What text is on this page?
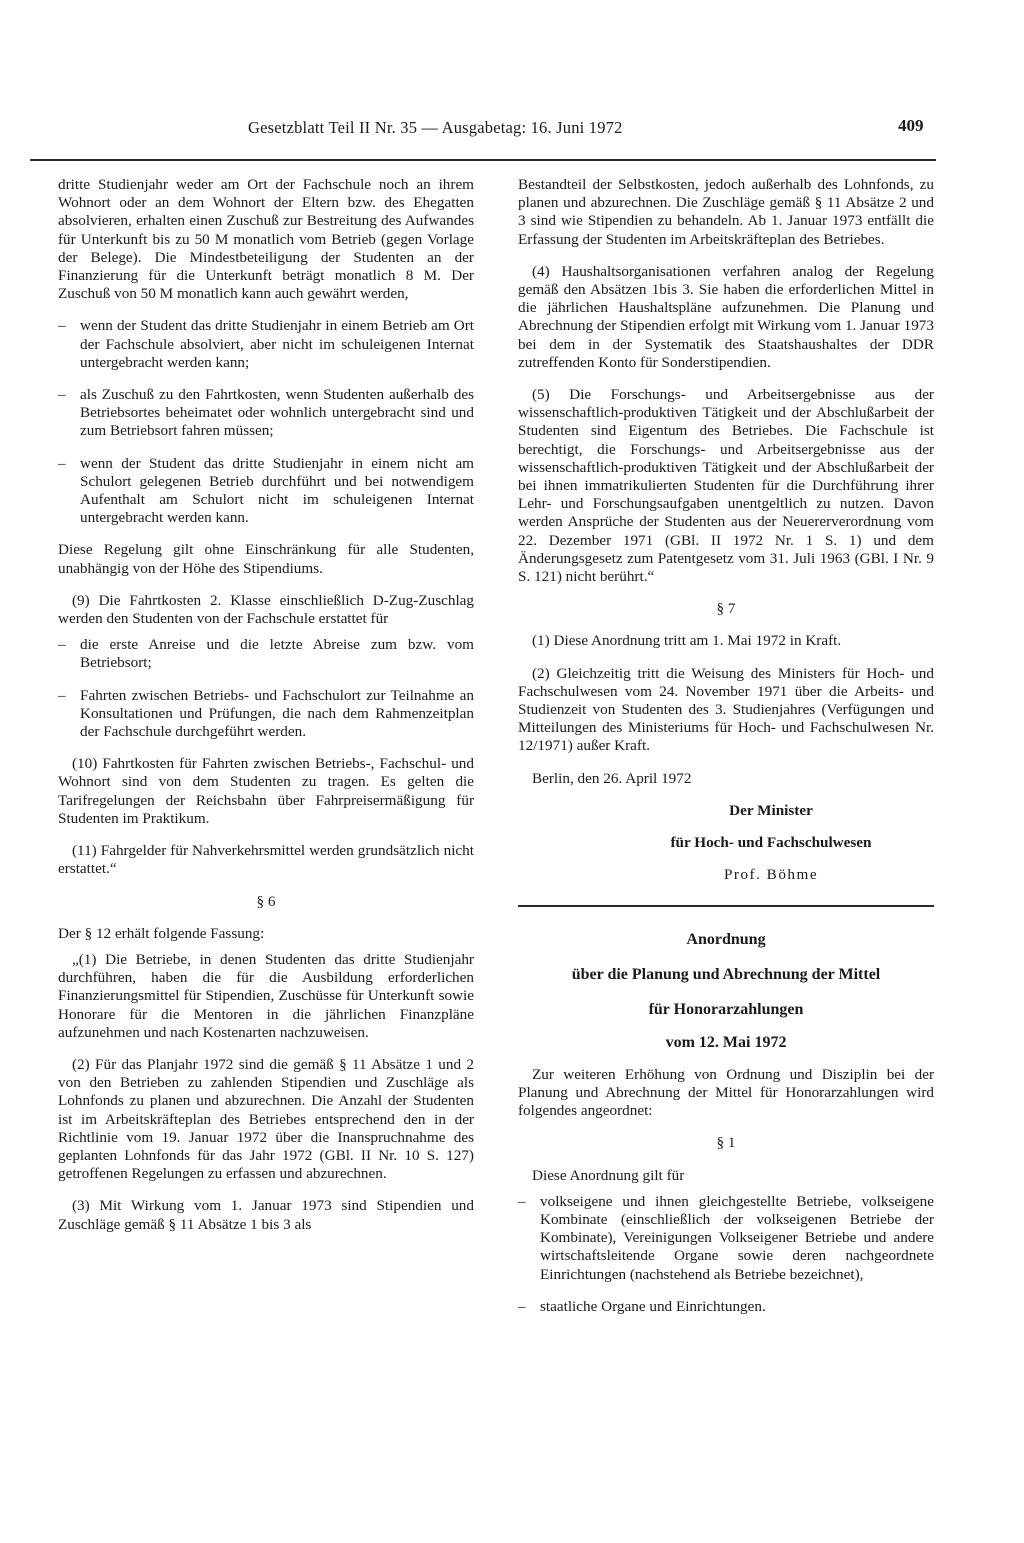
Gesetzblatt Teil II Nr. 35 — Ausgabetag: 16. Juni 1972	409

dritte Studienjahr weder am Ort der Fachschule noch an ihrem Wohnort oder an dem Wohnort der Eltern bzw. des Ehegatten absolvieren, erhalten einen Zuschuß zur Bestreitung des Aufwandes für Unterkunft bis zu 50 M monatlich vom Betrieb (gegen Vorlage der Belege). Die Mindestbeteiligung der Studenten an der Finanzierung für die Unterkunft beträgt monatlich 8 M. Der Zuschuß von 50 M monatlich kann auch gewährt werden,

– wenn der Student das dritte Studienjahr in einem Betrieb am Ort der Fachschule absolviert, aber nicht im schuleigenen Internat untergebracht werden kann;

– als Zuschuß zu den Fahrtkosten, wenn Studenten außerhalb des Betriebsortes beheimatet oder wohnlich untergebracht sind und zum Betriebsort fahren müssen;

– wenn der Student das dritte Studienjahr in einem nicht am Schulort gelegenen Betrieb durchführt und bei notwendigem Aufenthalt am Schulort nicht im schuleigenen Internat untergebracht werden kann.

Diese Regelung gilt ohne Einschränkung für alle Studenten, unabhängig von der Höhe des Stipendiums.

(9) Die Fahrtkosten 2. Klasse einschließlich D-Zug-Zuschlag werden den Studenten von der Fachschule erstattet für

– die erste Anreise und die letzte Abreise zum bzw. vom Betriebsort;

– Fahrten zwischen Betriebs- und Fachschulort zur Teilnahme an Konsultationen und Prüfungen, die nach dem Rahmenzeitplan der Fachschule durchgeführt werden.

(10) Fahrtkosten für Fahrten zwischen Betriebs-, Fachschul- und Wohnort sind von dem Studenten zu tragen. Es gelten die Tarifregelungen der Reichsbahn über Fahrpreisermäßigung für Studenten im Praktikum.

(11) Fahrgelder für Nahverkehrsmittel werden grundsätzlich nicht erstattet.“

§ 6

Der § 12 erhält folgende Fassung:

„(1) Die Betriebe, in denen Studenten das dritte Studienjahr durchführen, haben die für die Ausbildung erforderlichen Finanzierungsmittel für Stipendien, Zuschüsse für Unterkunft sowie Honorare für die Mentoren in die jährlichen Finanzpläne aufzunehmen und nach Kostenarten nachzuweisen.

(2) Für das Planjahr 1972 sind die gemäß § 11 Absätze 1 und 2 von den Betrieben zu zahlenden Stipendien und Zuschläge als Lohnfonds zu planen und abzurechnen. Die Anzahl der Studenten ist im Arbeitskräfteplan des Betriebes entsprechend den in der Richtlinie vom 19. Januar 1972 über die Inanspruchnahme des geplanten Lohnfonds für das Jahr 1972 (GBl. II Nr. 10 S. 127) getroffenen Regelungen zu erfassen und abzurechnen.

(3) Mit Wirkung vom 1. Januar 1973 sind Stipendien und Zuschläge gemäß § 11 Absätze 1 bis 3 als

Bestandteil der Selbstkosten, jedoch außerhalb des Lohnfonds, zu planen und abzurechnen. Die Zuschläge gemäß § 11 Absätze 2 und 3 sind wie Stipendien zu behandeln. Ab 1. Januar 1973 entfällt die Erfassung der Studenten im Arbeitskräfteplan des Betriebes.

(4) Haushaltsorganisationen verfahren analog der Regelung gemäß den Absätzen 1bis 3. Sie haben die erforderlichen Mittel in die jährlichen Haushaltspläne aufzunehmen. Die Planung und Abrechnung der Stipendien erfolgt mit Wirkung vom 1. Januar 1973 bei dem in der Systematik des Staatshaushaltes der DDR zutreffenden Konto für Sonderstipendien.

(5) Die Forschungs- und Arbeitsergebnisse aus der wissenschaftlich-produktiven Tätigkeit und der Abschlußarbeit der Studenten sind Eigentum des Betriebes. Die Fachschule ist berechtigt, die Forschungs- und Arbeitsergebnisse aus der wissenschaftlich-produktiven Tätigkeit und der Abschlußarbeit der bei ihnen immatrikulierten Studenten für die Durchführung ihrer Lehr- und Forschungsaufgaben unentgeltlich zu nutzen. Davon werden Ansprüche der Studenten aus der Neuererverordnung vom 22. Dezember 1971 (GBl. II 1972 Nr. 1 S. 1) und dem Änderungsgesetz zum Patentgesetz vom 31. Juli 1963 (GBl. I Nr. 9 S. 121) nicht berührt.“

§ 7

(1) Diese Anordnung tritt am 1. Mai 1972 in Kraft.

(2) Gleichzeitig tritt die Weisung des Ministers für Hoch- und Fachschulwesen vom 24. November 1971 über die Arbeits- und Studienzeit von Studenten des 3. Studienjahres (Verfügungen und Mitteilungen des Ministeriums für Hoch- und Fachschulwesen Nr. 12/1971) außer Kraft.

Berlin, den 26. April 1972

Der Minister

für Hoch- und Fachschulwesen

Prof. Böhme

Anordnung

über die Planung und Abrechnung der Mittel

für Honorarzahlungen

vom 12. Mai 1972

Zur weiteren Erhöhung von Ordnung und Disziplin bei der Planung und Abrechnung der Mittel für Honorarzahlungen wird folgendes angeordnet:

§ 1

Diese Anordnung gilt für

– volkseigene und ihnen gleichgestellte Betriebe, volkseigene Kombinate (einschließlich der volkseigenen Betriebe der Kombinate), Vereinigungen Volkseigener Betriebe und andere wirtschaftsleitende Organe sowie deren nachgeordnete Einrichtungen (nachstehend als Betriebe bezeichnet),

– staatliche Organe und Einrichtungen.
